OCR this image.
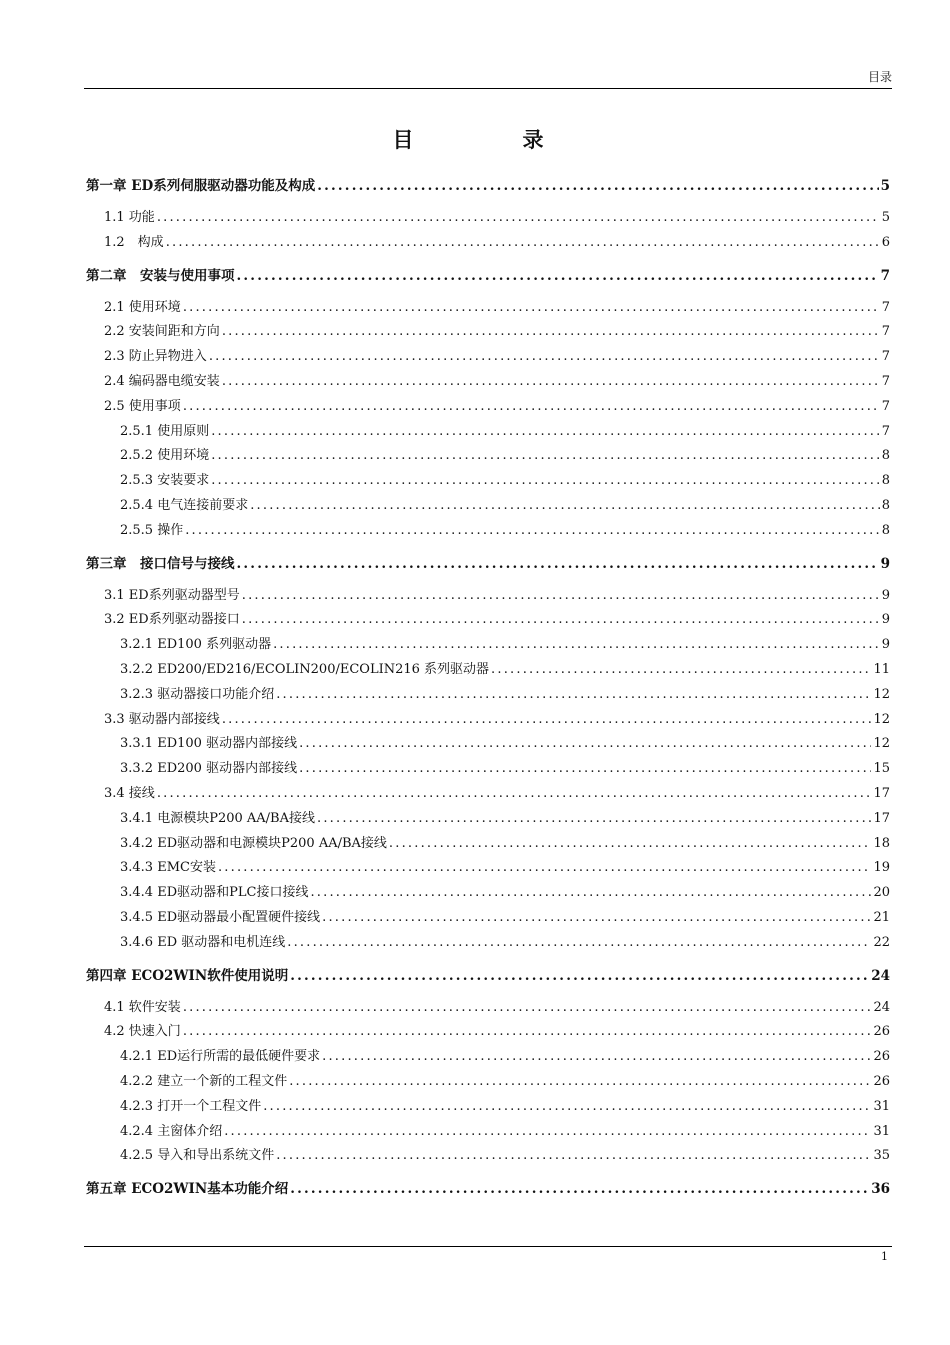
目录
目　录
第一章 ED系列伺服驱动器功能及构成 .....	5
1.1 功能 .....	5
1.2　构成 .....	6
第二章　安装与使用事项 .....	7
2.1 使用环境 .....	7
2.2 安装间距和方向 .....	7
2.3 防止异物进入 .....	7
2.4 编码器电缆安装 .....	7
2.5 使用事项 .....	7
2.5.1 使用原则 .....	7
2.5.2 使用环境 .....	8
2.5.3 安装要求 .....	8
2.5.4 电气连接前要求 .....	8
2.5.5 操作 .....	8
第三章　接口信号与接线 .....	9
3.1 ED系列驱动器型号 .....	9
3.2 ED系列驱动器接口 .....	9
3.2.1 ED100 系列驱动器 .....	9
3.2.2 ED200/ED216/ECOLIN200/ECOLIN216 系列驱动器 .....	11
3.2.3 驱动器接口功能介绍 .....	12
3.3 驱动器内部接线 .....	12
3.3.1 ED100 驱动器内部接线 .....	12
3.3.2 ED200 驱动器内部接线 .....	15
3.4 接线 .....	17
3.4.1 电源模块P200 AA/BA接线 .....	17
3.4.2 ED驱动器和电源模块P200 AA/BA接线 .....	18
3.4.3 EMC安装 .....	19
3.4.4 ED驱动器和PLC接口接线 .....	20
3.4.5 ED驱动器最小配置硬件接线 .....	21
3.4.6 ED 驱动器和电机连线 .....	22
第四章 ECO2WIN软件使用说明 .....	24
4.1 软件安装 .....	24
4.2 快速入门 .....	26
4.2.1 ED运行所需的最低硬件要求 .....	26
4.2.2 建立一个新的工程文件 .....	26
4.2.3 打开一个工程文件 .....	31
4.2.4 主窗体介绍 .....	31
4.2.5 导入和导出系统文件 .....	35
第五章 ECO2WIN基本功能介绍 .....	36
1
